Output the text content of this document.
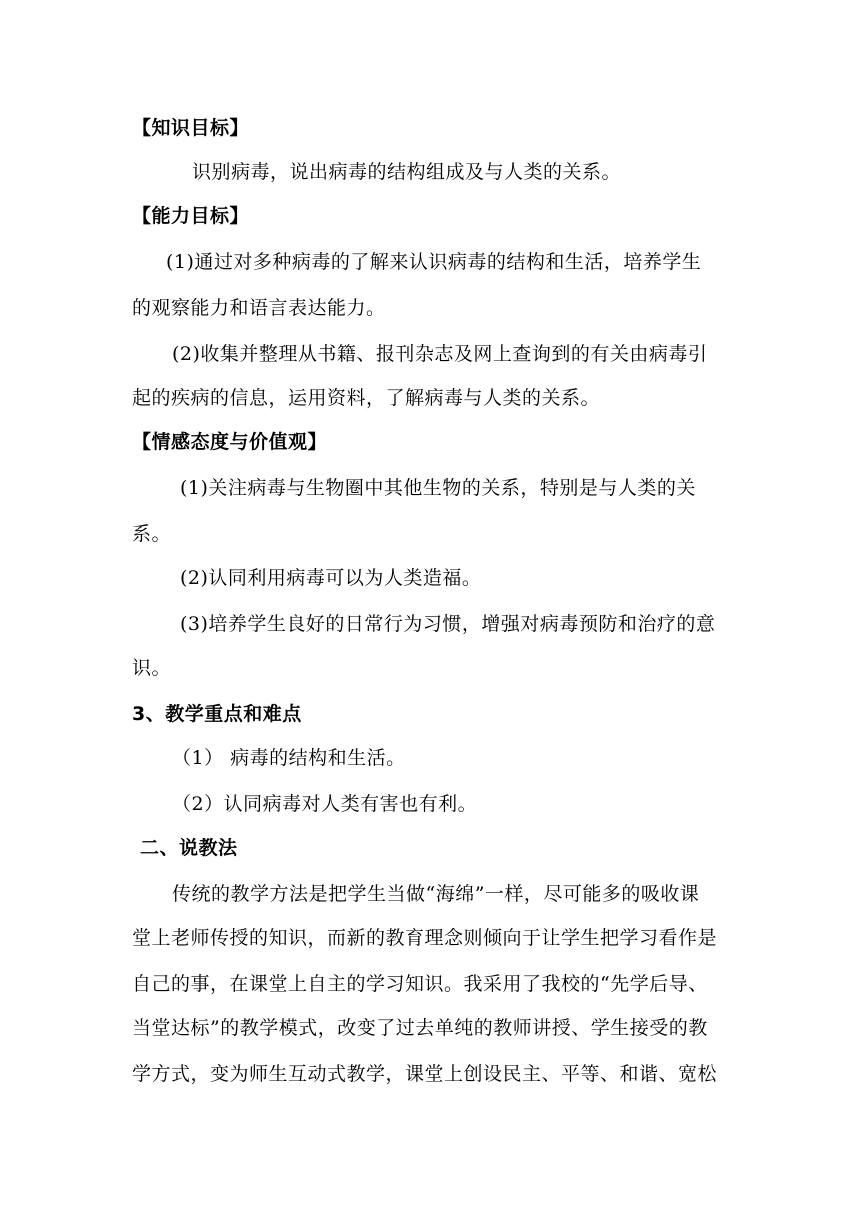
【知识目标】
识别病毒，说出病毒的结构组成及与人类的关系。
【能力目标】
(1)通过对多种病毒的了解来认识病毒的结构和生活，培养学生
的观察能力和语言表达能力。
(2)收集并整理从书籍、报刊杂志及网上查询到的有关由病毒引
起的疾病的信息，运用资料，了解病毒与人类的关系。
【情感态度与价值观】
(1)关注病毒与生物圈中其他生物的关系，特别是与人类的关
系。
(2)认同利用病毒可以为人类造福。
(3)培养学生良好的日常行为习惯，增强对病毒预防和治疗的意
识。
3、教学重点和难点
（1） 病毒的结构和生活。
（2）认同病毒对人类有害也有利。
二、说教法
传统的教学方法是把学生当做“海绵”一样，尽可能多的吸收课
堂上老师传授的知识，而新的教育理念则倾向于让学生把学习看作是
自己的事，在课堂上自主的学习知识。我采用了我校的“先学后导、
当堂达标”的教学模式，改变了过去单纯的教师讲授、学生接受的教
学方式，变为师生互动式教学，课堂上创设民主、平等、和谐、宽松
